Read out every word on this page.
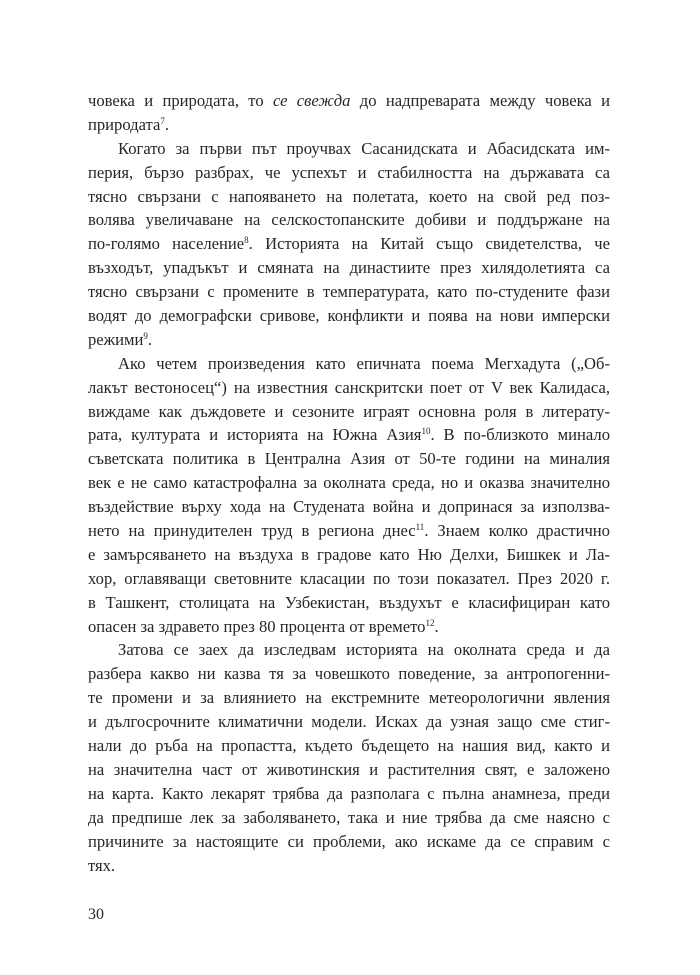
човека и природата, то се свежда до надпреварата между човека и
природата$^7$.
Когато за първи път проучвах Сасанидската и Абасидската им-
перия, бързо разбрах, че успехът и стабилността на държавата са
тясно свързани с напояването на полетата, което на свой ред поз-
волява увеличаване на селскостопанските добиви и поддържане на
по-голямо население$^8$. Историята на Китай също свидетелства, че
възходът, упадъкът и смяната на династиите през хилядолетията са
тясно свързани с промените в температурата, като по-студените фази
водят до демографски сривове, конфликти и поява на нови имперски
режими$^9$.
Ако четем произведения като епичната поема Мегхадута („Об-
лакът вестоносец“) на известния санскритски поет от V век Калидаса,
виждаме как дъждовете и сезоните играят основна роля в литерату-
рата, културата и историята на Южна Азия$^{10}$. В по-близкото минало
съветската политика в Централна Азия от 50-те години на миналия
век е не само катастрофална за околната среда, но и оказва значително
въздействие върху хода на Студената война и допринася за използва-
нето на принудителен труд в региона днес$^{11}$. Знаем колко драстично
е замърсяването на въздуха в градове като Ню Делхи, Бишкек и Ла-
хор, оглавяващи световните класации по този показател. През 2020 г.
в Ташкент, столицата на Узбекистан, въздухът е класифициран като
опасен за здравето през 80 процента от времето$^{12}$.
Затова се заех да изследвам историята на околната среда и да
разбера какво ни казва тя за човешкото поведение, за антропогенни-
те промени и за влиянието на екстремните метеорологични явления
и дългосрочните климатични модели. Исках да узная защо сме стиг-
нали до ръба на пропастта, където бъдещето на нашия вид, както и
на значителна част от животинския и растителния свят, е заложено
на карта. Както лекарят трябва да разполага с пълна анамнеза, преди
да предпише лек за заболяването, така и ние трябва да сме наясно с
причините за настоящите си проблеми, ако искаме да се справим с
тях.
30
